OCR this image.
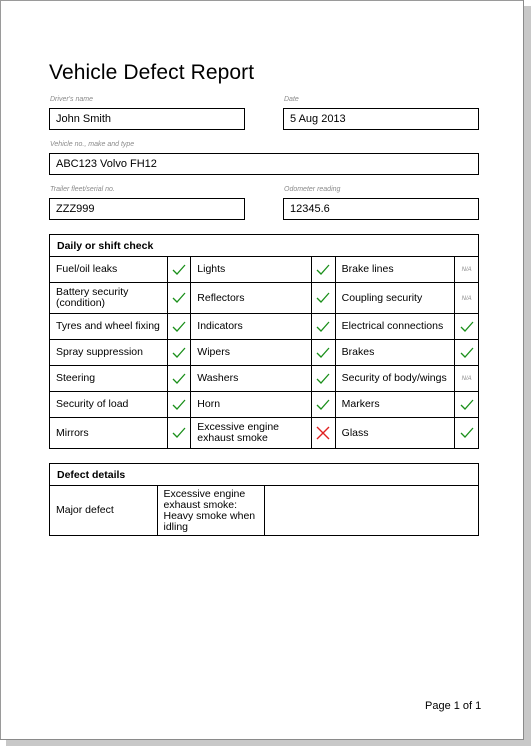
Vehicle Defect Report
Driver's name
John Smith
Date
5 Aug 2013
Vehicle no., make and type
ABC123 Volvo FH12
Trailer fleet/serial no.
ZZZ999
Odometer reading
12345.6
Daily or shift check					
Fuel/oil leaks		Lights		Brake lines	N/A
Battery security (condition)		Reflectors		Coupling security	N/A
Tyres and wheel fixing		Indicators		Electrical connections	

Spray suppression		Wipers		Brakes	

Steering		Washers		Security of body/wings	N/A
Security of load		Horn		Markers	

Mirrors		Excessive engine exhaust smoke		Glass	
Defect details
Major defect	Excessive engine exhaust smoke: Heavy smoke when idling	
Page 1 of 1
